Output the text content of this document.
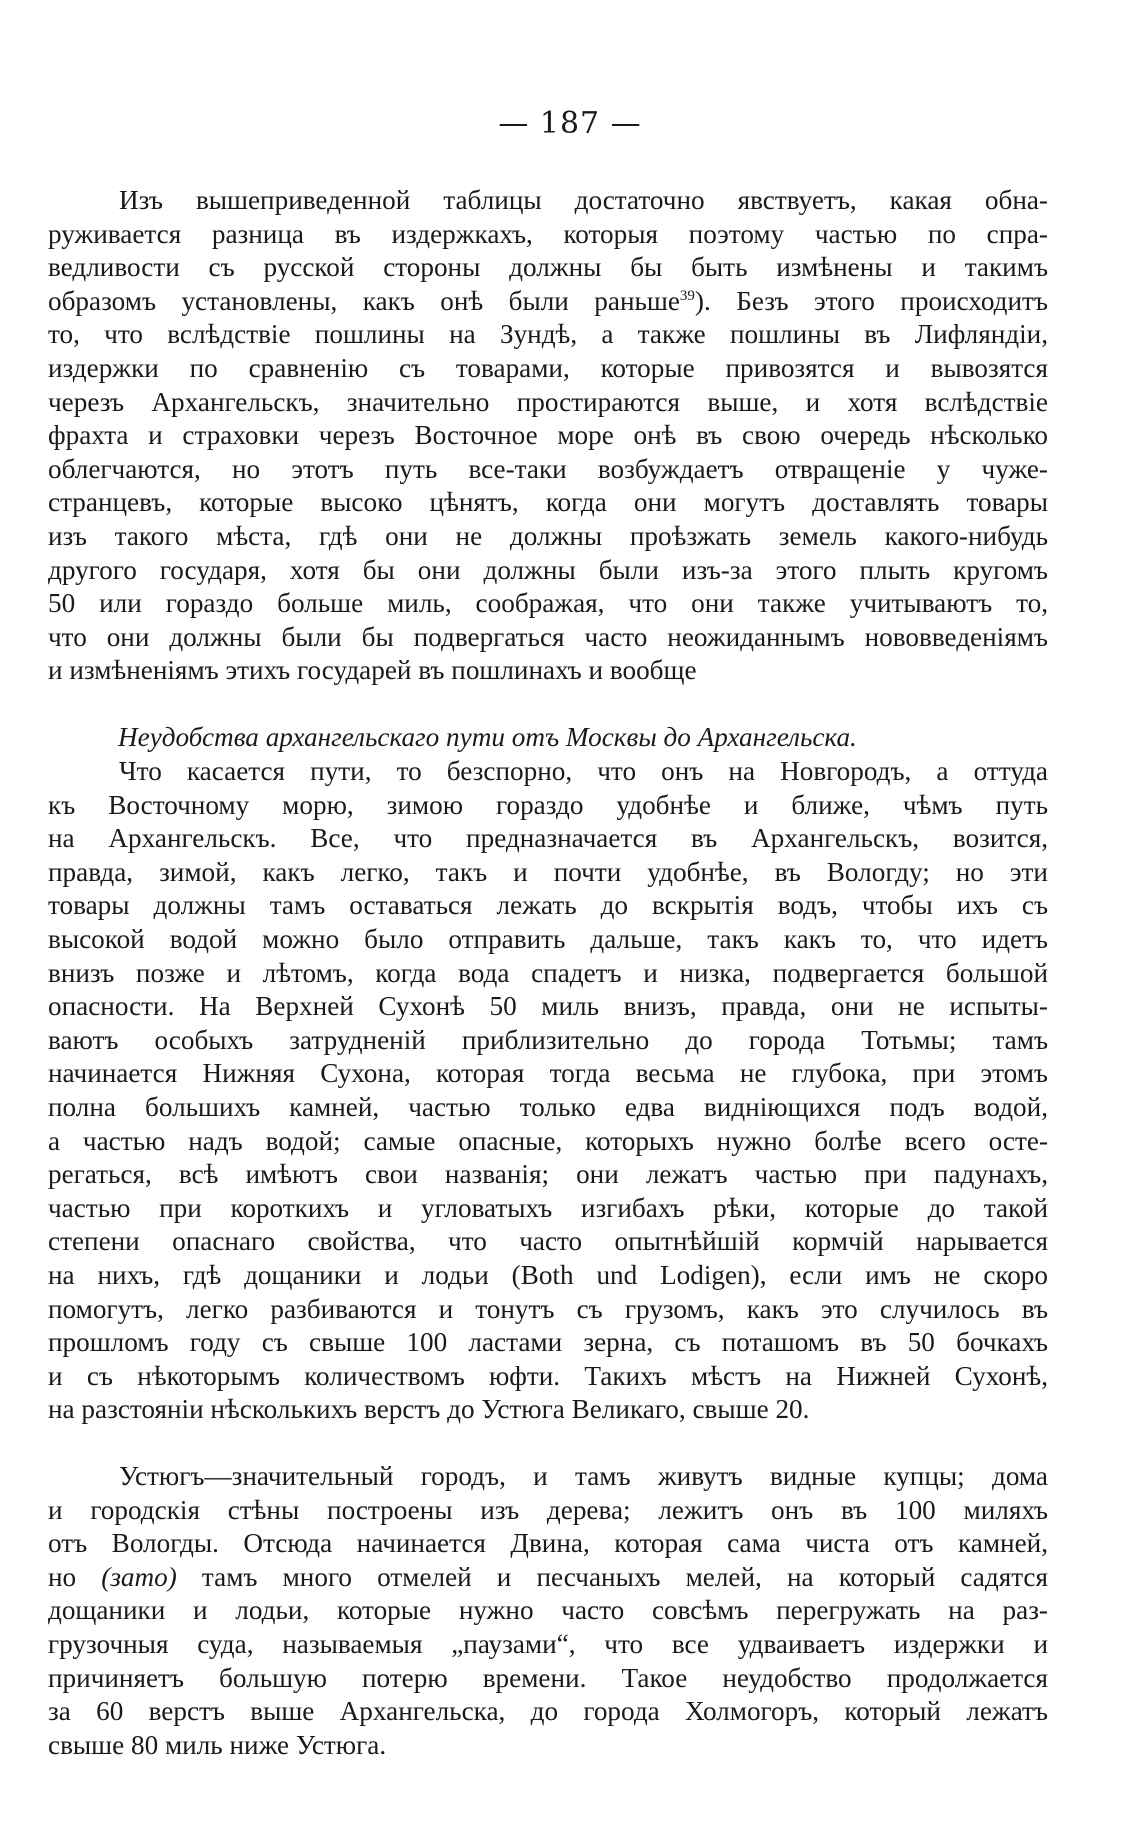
— 187 —
Изъ вышеприведенной таблицы достаточно явствуетъ, какая обна-
руживается разница въ издержкахъ, которыя поэтому частью по спра-
ведливости съ русской стороны должны бы быть измѣнены и такимъ
образомъ установлены, какъ онѣ были раньше$^{39}$). Безъ этого происходитъ
то, что вслѣдствіе пошлины на Зундѣ, а также пошлины въ Лифляндіи,
издержки по сравненію съ товарами, которые привозятся и вывозятся
черезъ Архангельскъ, значительно простираются выше, и хотя вслѣдствіе
фрахта и страховки черезъ Восточное море онѣ въ свою очередь нѣсколько
облегчаются, но этотъ путь все-таки возбуждаетъ отвращеніе у чуже-
странцевъ, которые высоко цѣнятъ, когда они могутъ доставлять товары
изъ такого мѣста, гдѣ они не должны проѣзжать земель какого-нибудь
другого государя, хотя бы они должны были изъ-за этого плыть кругомъ
50 или гораздо больше миль, соображая, что они также учитываютъ то,
что они должны были бы подвергаться часто неожиданнымъ нововведеніямъ
и измѣненіямъ этихъ государей въ пошлинахъ и вообще
Неудобства архангельскаго пути отъ Москвы до Архангельска.
Что касается пути, то безспорно, что онъ на Новгородъ, а оттуда
къ Восточному морю, зимою гораздо удобнѣе и ближе, чѣмъ путь
на Архангельскъ. Все, что предназначается въ Архангельскъ, возится,
правда, зимой, какъ легко, такъ и почти удобнѣе, въ Вологду; но эти
товары должны тамъ оставаться лежать до вскрытія водъ, чтобы ихъ съ
высокой водой можно было отправить дальше, такъ какъ то, что идетъ
внизъ позже и лѣтомъ, когда вода спадетъ и низка, подвергается большой
опасности. На Верхней Сухонѣ 50 миль внизъ, правда, они не испыты-
ваютъ особыхъ затрудненій приблизительно до города Тотьмы; тамъ
начинается Нижняя Сухона, которая тогда весьма не глубока, при этомъ
полна большихъ камней, частью только едва видніющихся подъ водой,
а частью надъ водой; самые опасные, которыхъ нужно болѣе всего осте-
регаться, всѣ имѣютъ свои названія; они лежатъ частью при падунахъ,
частью при короткихъ и угловатыхъ изгибахъ рѣки, которые до такой
степени опаснаго свойства, что часто опытнѣйшій кормчій нарывается
на нихъ, гдѣ дощаники и лодьи (Both und Lodigen), если имъ не скоро
помогутъ, легко разбиваются и тонутъ съ грузомъ, какъ это случилось въ
прошломъ году съ свыше 100 ластами зерна, съ поташомъ въ 50 бочкахъ
и съ нѣкоторымъ количествомъ юфти. Такихъ мѣстъ на Нижней Сухонѣ,
на разстояніи нѣсколькихъ верстъ до Устюга Великаго, свыше 20.
Устюгъ—значительный городъ, и тамъ живутъ видные купцы; дома
и городскія стѣны построены изъ дерева; лежитъ онъ въ 100 миляхъ
отъ Вологды. Отсюда начинается Двина, которая сама чиста отъ камней,
но (зато) тамъ много отмелей и песчаныхъ мелей, на который садятся
дощаники и лодьи, которые нужно часто совсѣмъ перегружать на раз-
грузочныя суда, называемыя „паузами“, что все удваиваетъ издержки и
причиняетъ большую потерю времени. Такое неудобство продолжается
за 60 верстъ выше Архангельска, до города Холмогоръ, который лежатъ
свыше 80 миль ниже Устюга.
